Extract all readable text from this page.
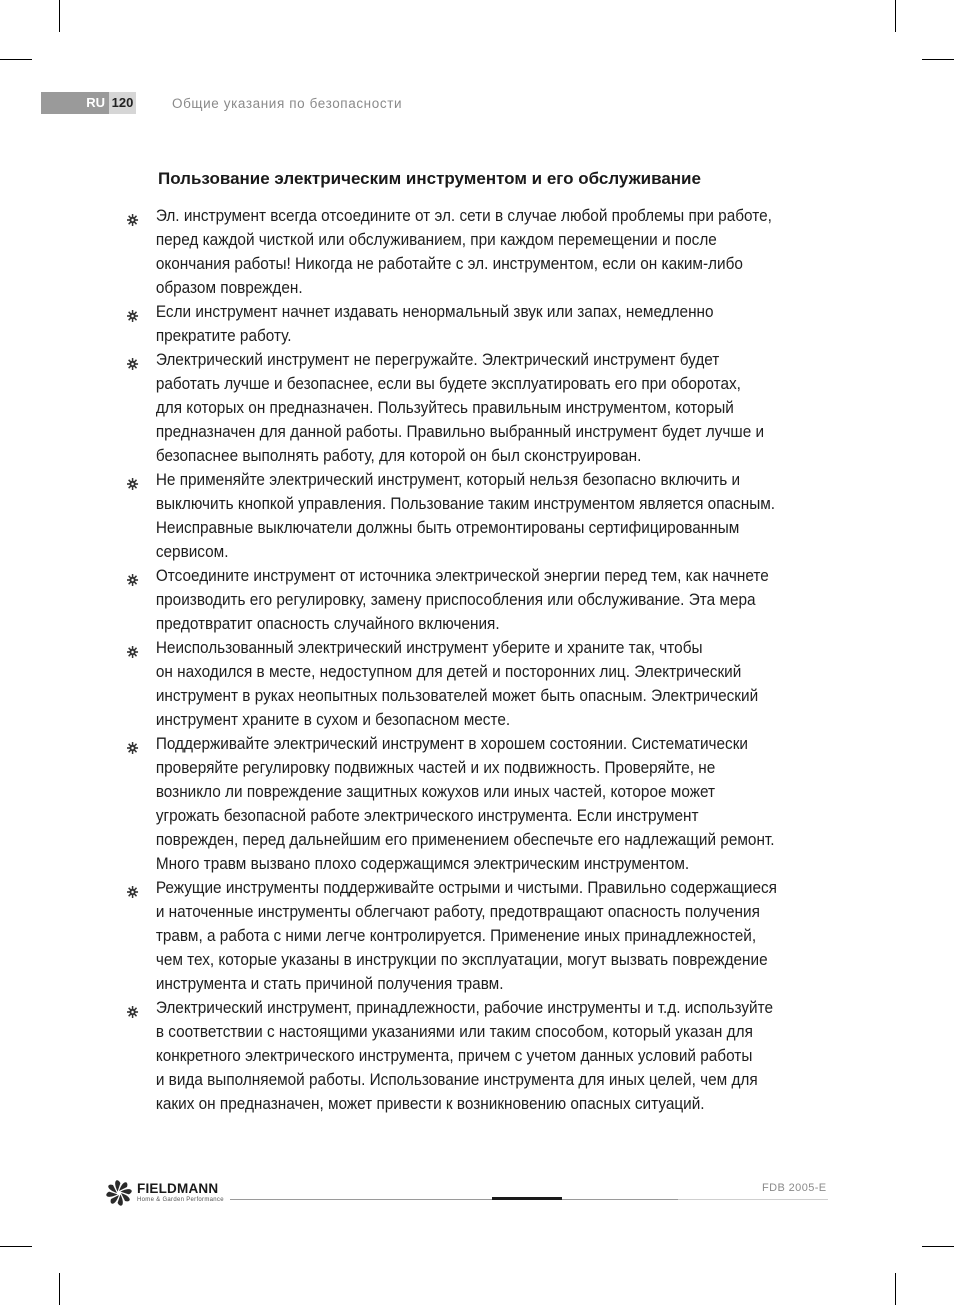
RU 120	Общие указания по безопасности
Пользование электрическим инструментом и его обслуживание
Эл. инструмент всегда отсоедините от эл. сети в случае любой проблемы при работе,
перед каждой чисткой или обслуживанием, при каждом перемещении и после
окончания работы! Никогда не работайте с эл. инструментом, если он каким-либо
образом поврежден.
Если инструмент начнет издавать ненормальный звук или запах, немедленно
прекратите работу.
Электрический инструмент не перегружайте. Электрический инструмент будет
работать лучше и безопаснее, если вы будете эксплуатировать его при оборотах,
для которых он предназначен. Пользуйтесь правильным инструментом, который
предназначен для данной работы. Правильно выбранный инструмент будет лучше и
безопаснее выполнять работу, для которой он был сконструирован.
Не применяйте электрический инструмент, который нельзя безопасно включить и
выключить кнопкой управления. Пользование таким инструментом является опасным.
Неисправные выключатели должны быть отремонтированы сертифицированным
сервисом.
Отсоедините инструмент от источника электрической энергии перед тем, как начнете
производить его регулировку, замену приспособления или обслуживание. Эта мера
предотвратит опасность случайного включения.
Неиспользованный электрический инструмент уберите и храните так, чтобы
он находился в месте, недоступном для детей и посторонних лиц. Электрический
инструмент в руках неопытных пользователей может быть опасным. Электрический
инструмент храните в сухом и безопасном месте.
Поддерживайте электрический инструмент в хорошем состоянии. Систематически
проверяйте регулировку подвижных частей и их подвижность. Проверяйте, не
возникло ли повреждение защитных кожухов или иных частей, которое может
угрожать безопасной работе электрического инструмента. Если инструмент
поврежден, перед дальнейшим его применением обеспечьте его надлежащий ремонт.
Много травм вызвано плохо содержащимся электрическим инструментом.
Режущие инструменты поддерживайте острыми и чистыми. Правильно содержащиеся
и наточенные инструменты облегчают работу, предотвращают опасность получения
травм, а работа с ними легче контролируется. Применение иных принадлежностей,
чем тех, которые указаны в инструкции по эксплуатации, могут вызвать повреждение
инструмента и стать причиной получения травм.
Электрический инструмент, принадлежности, рабочие инструменты и т.д. используйте
в соответствии с настоящими указаниями или таким способом, который указан для
конкретного электрического инструмента, причем с учетом данных условий работы
и вида выполняемой работы. Использование инструмента для иных целей, чем для
каких он предназначен, может привести к возникновению опасных ситуаций.
FIELDMANN
Home & Garden Performance
FDB 2005-E
